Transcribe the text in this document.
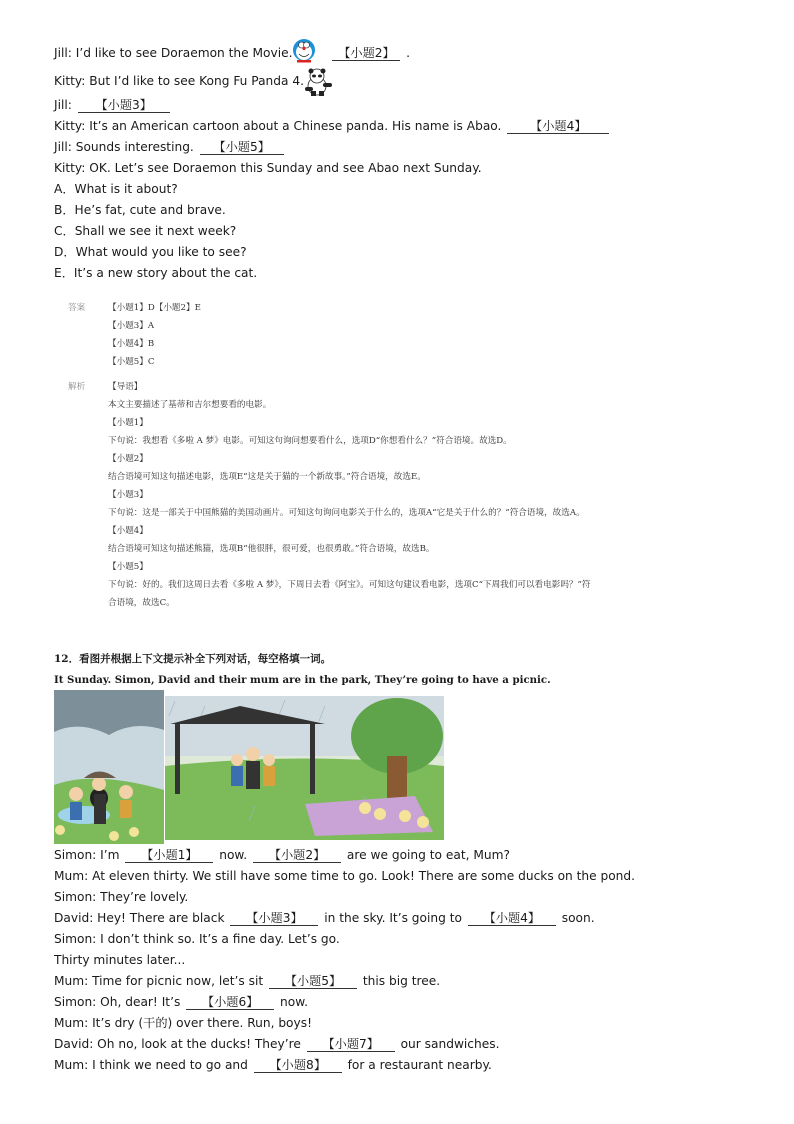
Jill: I’d like to see Doraemon the Movie.	【小题2】 .
Kitty: But I’d like to see Kong Fu Panda 4.
Jill: 【小题3】
Kitty: It’s an American cartoon about a Chinese panda. His name is Abao. 【小题4】
Jill: Sounds interesting. 【小题5】
Kitty: OK. Let’s see Doraemon this Sunday and see Abao next Sunday.
A．What is it about?
B．He’s fat, cute and brave.
C．Shall we see it next week?
D．What would you like to see?
E．It’s a new story about the cat.
答案	【小题1】D【小题2】E
【小题3】A
【小题4】B
【小题5】C
解析	【导语】
本文主要描述了基蒂和吉尔想要看的电影。
【小题1】
下句说：我想看《多啦 A 梦》电影。可知这句询问想要看什么，选项D“你想看什么？”符合语境。故选D。
【小题2】
结合语境可知这句描述电影，选项E“这是关于猫的一个新故事。”符合语境，故选E。
【小题3】
下句说：这是一部关于中国熊猫的美国动画片。可知这句询问电影关于什么的，选项A“它是关于什么的？”符合语境，故选A。
【小题4】
结合语境可知这句描述熊猫，选项B“他很胖，很可爱，也很勇敢。”符合语境，故选B。
【小题5】
下句说：好的。我们这周日去看《多啦 A 梦》，下周日去看《阿宝》。可知这句建议看电影，选项C“下周我们可以看电影吗？”符
合语境，故选C。
12．看图并根据上下文提示补全下列对话，每空格填一词。
It Sunday. Simon, David and their mum are in the park, They’re going to have a picnic.
Simon: I’m 【小题1】 now. 【小题2】 are we going to eat, Mum?
Mum: At eleven thirty. We still have some time to go. Look! There are some ducks on the pond.
Simon: They’re lovely.
David: Hey! There are black 【小题3】 in the sky. It’s going to 【小题4】 soon.
Simon: I don’t think so. It’s a fine day. Let’s go.
Thirty minutes later...
Mum: Time for picnic now, let’s sit 【小题5】 this big tree.
Simon: Oh, dear! It’s 【小题6】 now.
Mum: It’s dry (干的) over there. Run, boys!
David: Oh no, look at the ducks! They’re 【小题7】 our sandwiches.
Mum: I think we need to go and 【小题8】 for a restaurant nearby.
